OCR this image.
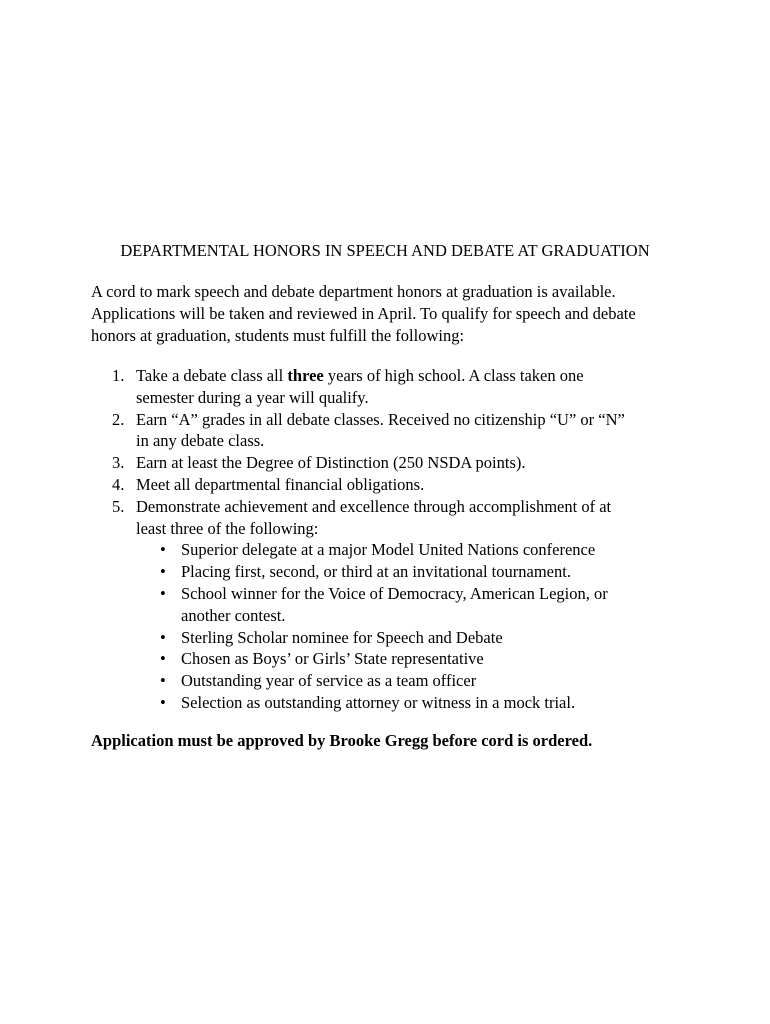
DEPARTMENTAL HONORS IN SPEECH AND DEBATE AT GRADUATION
A cord to mark speech and debate department honors at graduation is available.
Applications will be taken and reviewed in April. To qualify for speech and debate
honors at graduation, students must fulfill the following:
1. Take a debate class all three years of high school. A class taken one
semester during a year will qualify.
2. Earn “A” grades in all debate classes. Received no citizenship “U” or “N”
in any debate class.
3. Earn at least the Degree of Distinction (250 NSDA points).
4. Meet all departmental financial obligations.
5. Demonstrate achievement and excellence through accomplishment of at
least three of the following:
• Superior delegate at a major Model United Nations conference
• Placing first, second, or third at an invitational tournament.
• School winner for the Voice of Democracy, American Legion, or
another contest.
• Sterling Scholar nominee for Speech and Debate
• Chosen as Boys’ or Girls’ State representative
• Outstanding year of service as a team officer
• Selection as outstanding attorney or witness in a mock trial.
Application must be approved by Brooke Gregg before cord is ordered.
